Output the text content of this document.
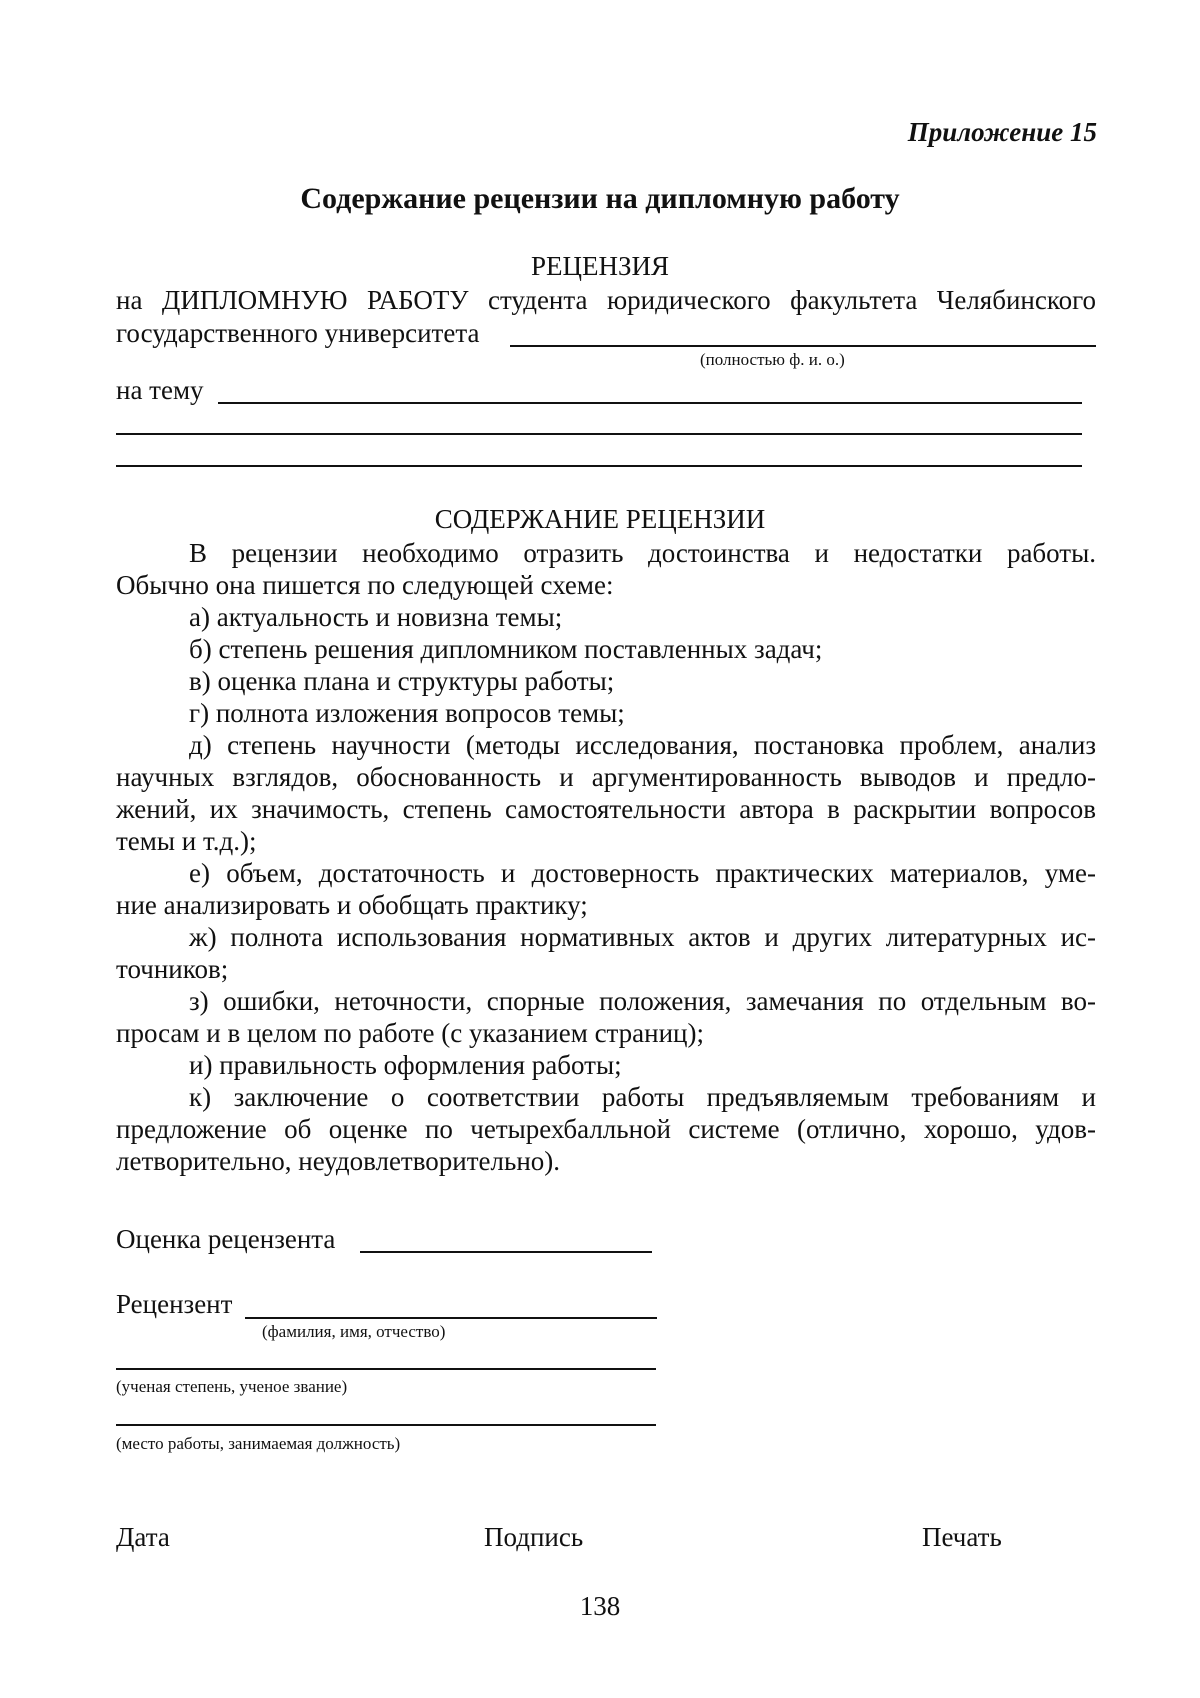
Приложение 15
Содержание рецензии на дипломную работу
РЕЦЕНЗИЯ
на ДИПЛОМНУЮ РАБОТУ студента юридического факультета Челябинского
государственного университета
(полностью ф. и. о.)
на тему
СОДЕРЖАНИЕ РЕЦЕНЗИИ
В рецензии необходимо отразить достоинства и недостатки работы.
Обычно она пишется по следующей схеме:
а) актуальность и новизна темы;
б) степень решения дипломником поставленных задач;
в) оценка плана и структуры работы;
г) полнота изложения вопросов темы;
д) степень научности (методы исследования, постановка проблем, анализ
научных взглядов, обоснованность и аргументированность выводов и предло-
жений, их значимость, степень самостоятельности автора в раскрытии вопросов
темы и т.д.);
е) объем, достаточность и достоверность практических материалов, уме-
ние анализировать и обобщать практику;
ж) полнота использования нормативных актов и других литературных ис-
точников;
з) ошибки, неточности, спорные положения, замечания по отдельным во-
просам и в целом по работе (с указанием страниц);
и) правильность оформления работы;
к) заключение о соответствии работы предъявляемым требованиям и
предложение об оценке по четырехбалльной системе (отлично, хорошо, удов-
летворительно, неудовлетворительно).
Оценка рецензента
Рецензент
(фамилия, имя, отчество)
(ученая степень, ученое звание)
(место работы, занимаемая должность)
Дата	Подпись	Печать
138
